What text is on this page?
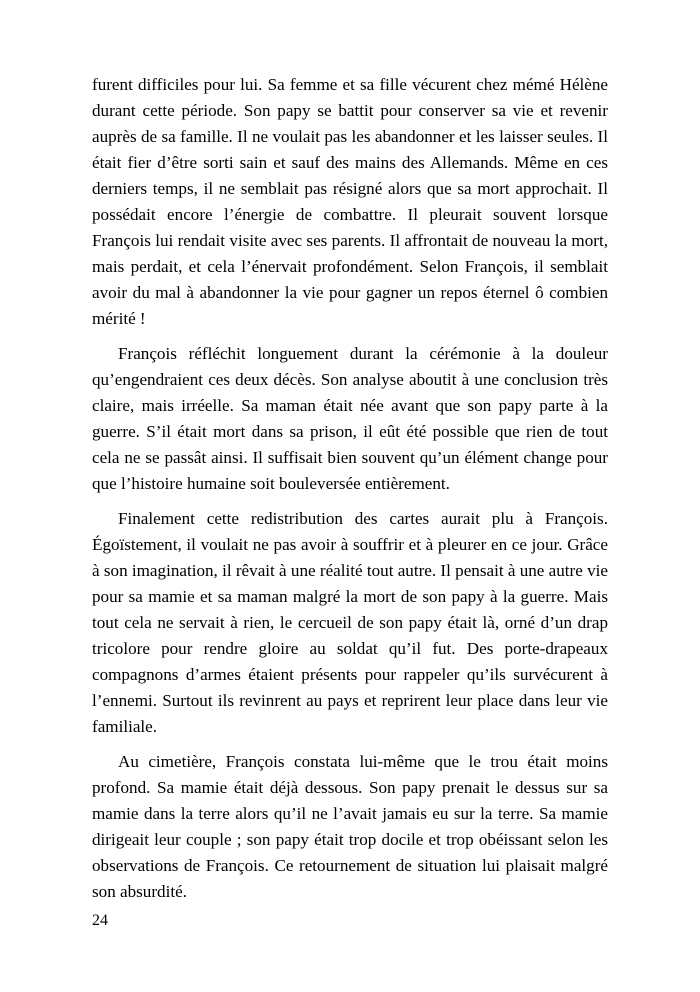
furent difficiles pour lui. Sa femme et sa fille vécurent chez mémé Hélène durant cette période. Son papy se battit pour conserver sa vie et revenir auprès de sa famille. Il ne voulait pas les abandonner et les laisser seules. Il était fier d’être sorti sain et sauf des mains des Allemands. Même en ces derniers temps, il ne semblait pas résigné alors que sa mort approchait. Il possédait encore l’énergie de combattre. Il pleurait souvent lorsque François lui rendait visite avec ses parents. Il affrontait de nouveau la mort, mais perdait, et cela l’énervait profondément. Selon François, il semblait avoir du mal à abandonner la vie pour gagner un repos éternel ô combien mérité !

François réfléchit longuement durant la cérémonie à la douleur qu’engendraient ces deux décès. Son analyse aboutit à une conclusion très claire, mais irréelle. Sa maman était née avant que son papy parte à la guerre. S’il était mort dans sa prison, il eût été possible que rien de tout cela ne se passât ainsi. Il suffisait bien souvent qu’un élément change pour que l’histoire humaine soit bouleversée entièrement.

Finalement cette redistribution des cartes aurait plu à François. Égoïstement, il voulait ne pas avoir à souffrir et à pleurer en ce jour. Grâce à son imagination, il rêvait à une réalité tout autre. Il pensait à une autre vie pour sa mamie et sa maman malgré la mort de son papy à la guerre. Mais tout cela ne servait à rien, le cercueil de son papy était là, orné d’un drap tricolore pour rendre gloire au soldat qu’il fut. Des porte-drapeaux compagnons d’armes étaient présents pour rappeler qu’ils survécurent à l’ennemi. Surtout ils revinrent au pays et reprirent leur place dans leur vie familiale.

Au cimetière, François constata lui-même que le trou était moins profond. Sa mamie était déjà dessous. Son papy prenait le dessus sur sa mamie dans la terre alors qu’il ne l’avait jamais eu sur la terre. Sa mamie dirigeait leur couple ; son papy était trop docile et trop obéissant selon les observations de François. Ce retournement de situation lui plaisait malgré son absurdité.

24
